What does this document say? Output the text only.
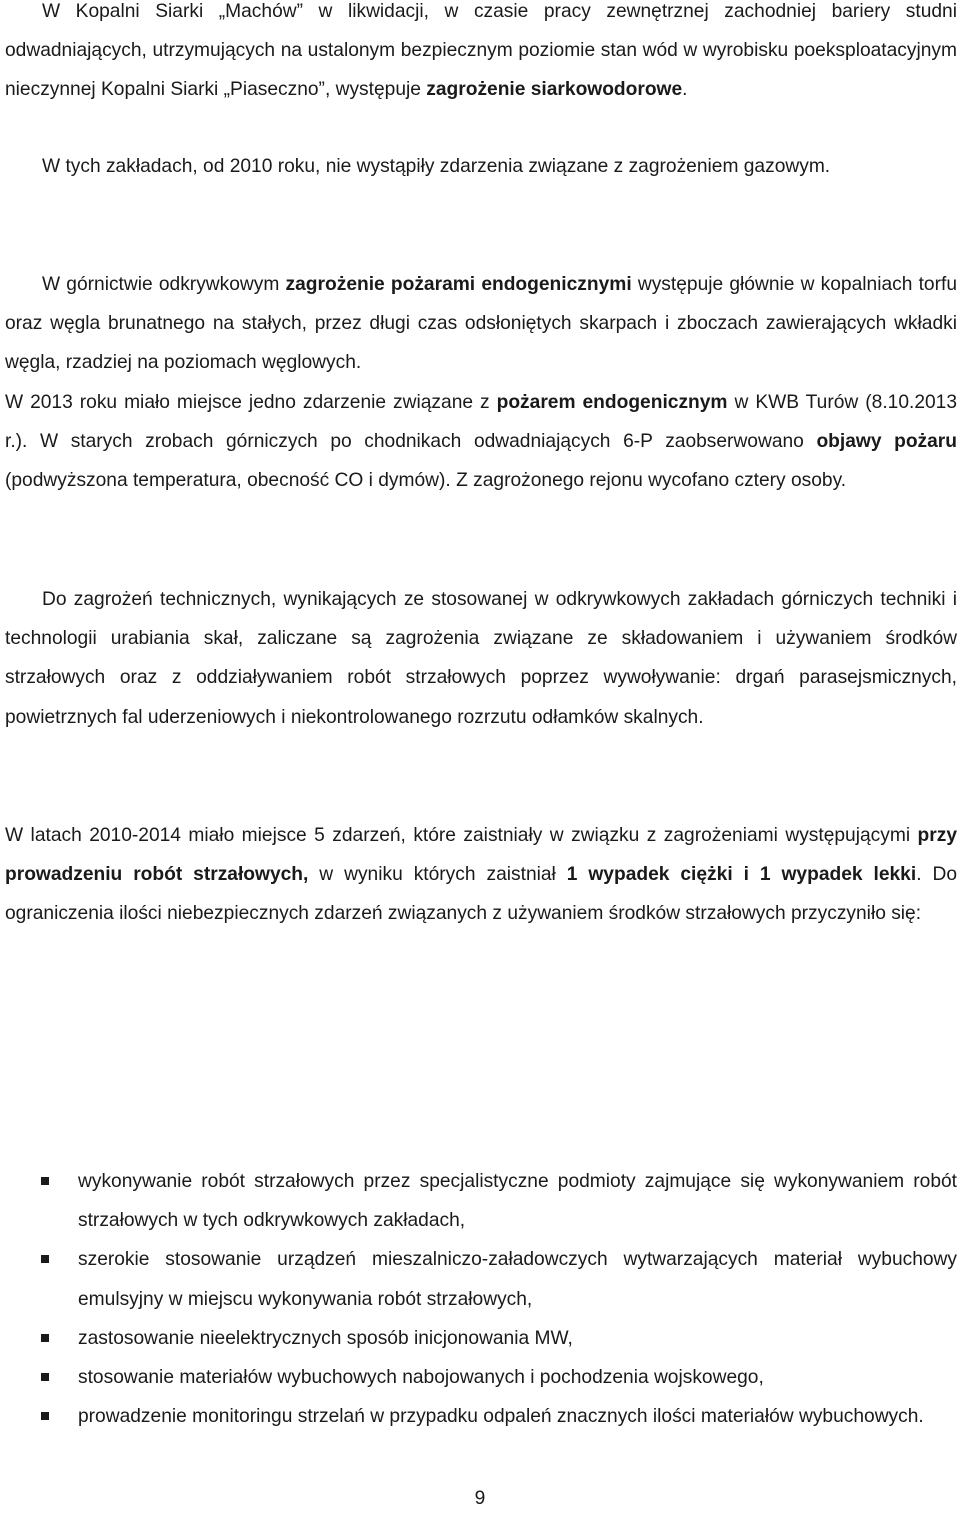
W Kopalni Siarki „Machów” w likwidacji, w czasie pracy zewnętrznej zachodniej bariery studni odwadniających, utrzymujących na ustalonym bezpiecznym poziomie stan wód w wyrobisku poeksploatacyjnym nieczynnej Kopalni Siarki „Piaseczno”, występuje zagrożenie siarkowodorowe.

W tych zakładach, od 2010 roku, nie wystąpiły zdarzenia związane z zagrożeniem gazowym.

W górnictwie odkrywkowym zagrożenie pożarami endogenicznymi występuje głównie w kopalniach torfu oraz węgla brunatnego na stałych, przez długi czas odsłoniętych skarpach i zboczach zawierających wkładki węgla, rzadziej na poziomach węglowych.

W 2013 roku miało miejsce jedno zdarzenie związane z pożarem endogenicznym w KWB Turów (8.10.2013 r.). W starych zrobach górniczych po chodnikach odwadniających 6-P zaobserwowano objawy pożaru (podwyższona temperatura, obecność CO i dymów). Z zagrożonego rejonu wycofano cztery osoby.

Do zagrożeń technicznych, wynikających ze stosowanej w odkrywkowych zakładach górniczych techniki i technologii urabiania skał, zaliczane są zagrożenia związane ze składowaniem i używaniem środków strzałowych oraz z oddziaływaniem robót strzałowych poprzez wywoływanie: drgań parasejsmicznych, powietrznych fal uderzeniowych i niekontrolowanego rozrzutu odłamków skalnych.

W latach 2010-2014 miało miejsce 5 zdarzeń, które zaistniały w związku z zagrożeniami występującymi przy prowadzeniu robót strzałowych, w wyniku których zaistniał 1 wypadek ciężki i 1 wypadek lekki. Do ograniczenia ilości niebezpiecznych zdarzeń związanych z używaniem środków strzałowych przyczyniło się:

wykonywanie robót strzałowych przez specjalistyczne podmioty zajmujące się wykonywaniem robót strzałowych w tych odkrywkowych zakładach,
szerokie stosowanie urządzeń mieszalniczo-załadowczych wytwarzających materiał wybuchowy emulsyjny w miejscu wykonywania robót strzałowych,
zastosowanie nieelektrycznych sposób inicjonowania MW,
stosowanie materiałów wybuchowych nabojowanych i pochodzenia wojskowego,
prowadzenie monitoringu strzelań w przypadku odpaleń znacznych ilości materiałów wybuchowych.
9
